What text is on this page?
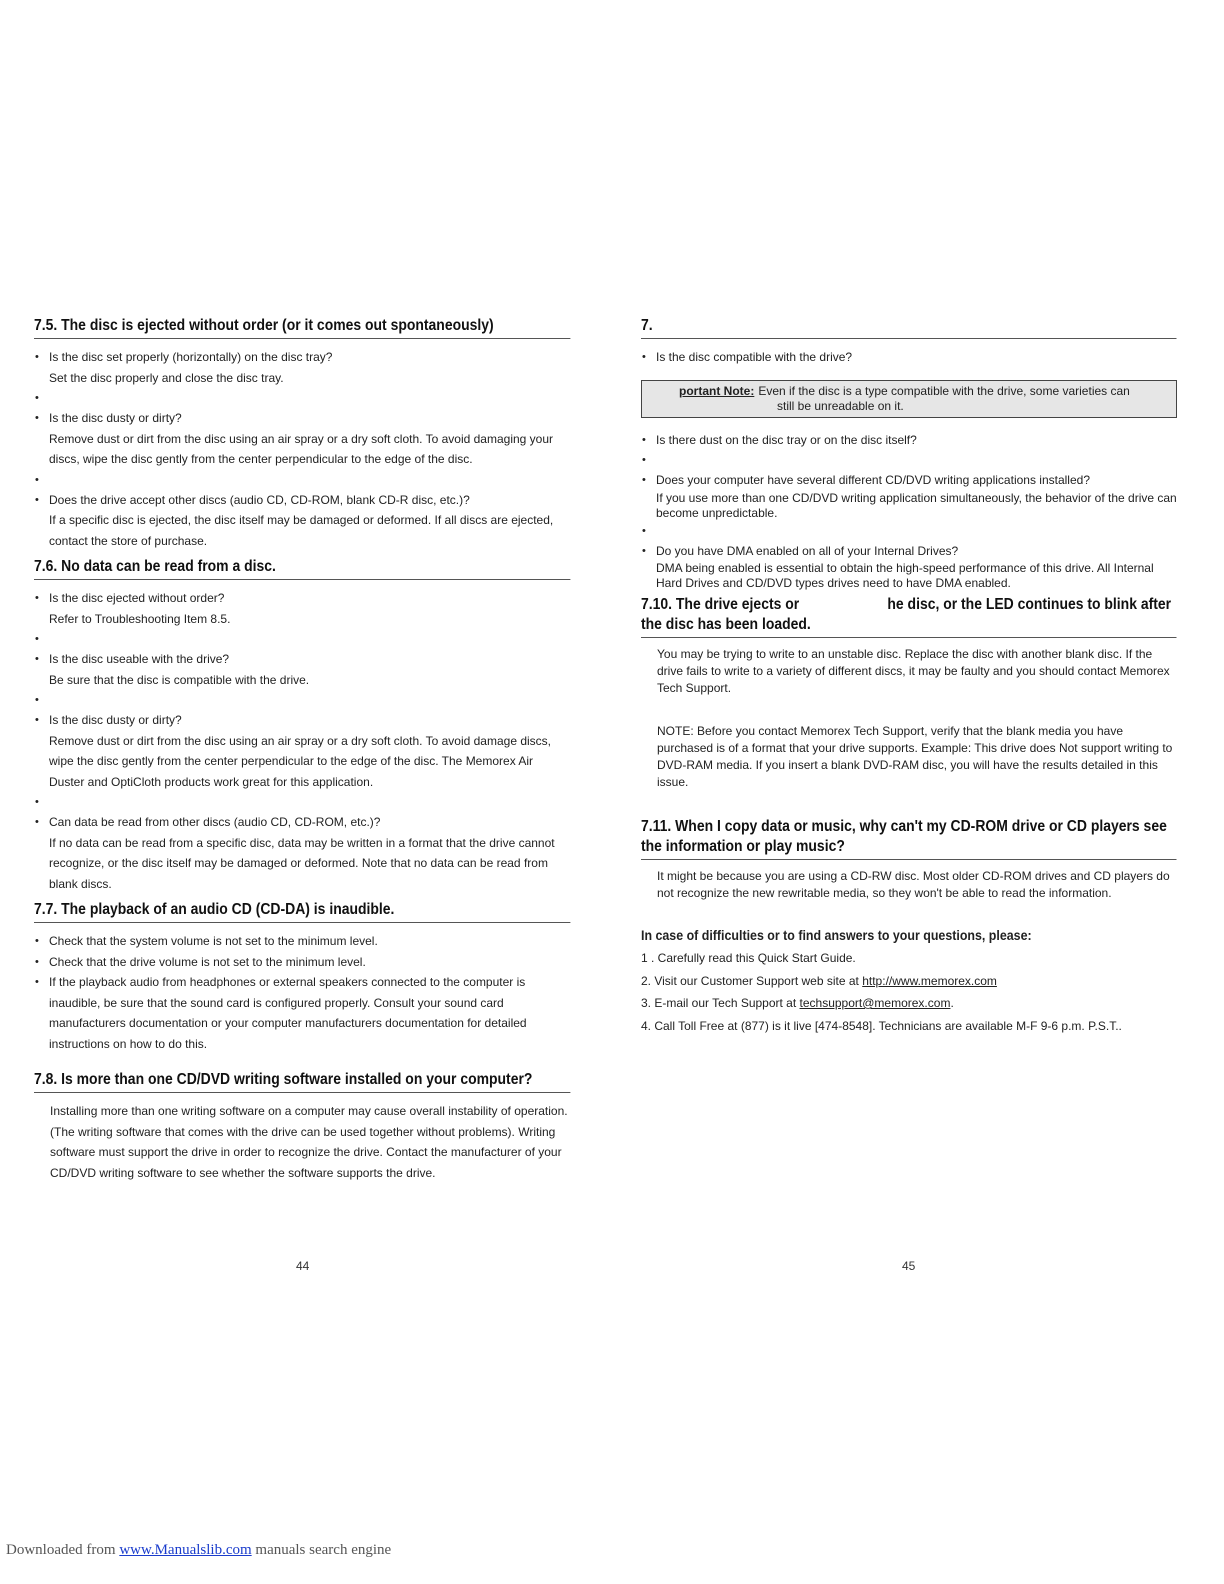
7.5. The disc is ejected without order (or it comes out spontaneously)
• Is the disc set properly (horizontally) on the disc tray?
Set the disc properly and close the disc tray.
•
• Is the disc dusty or dirty?
Remove dust or dirt from the disc using an air spray or a dry soft cloth. To avoid damaging your discs, wipe the disc gently from the center perpendicular to the edge of the disc.
•
• Does the drive accept other discs (audio CD, CD-ROM, blank CD-R disc, etc.)?
If a specific disc is ejected, the disc itself may be damaged or deformed. If all discs are ejected, contact the store of purchase.
7.6. No data can be read from a disc.
• Is the disc ejected without order?
Refer to Troubleshooting Item 8.5.
•
• Is the disc useable with the drive?
Be sure that the disc is compatible with the drive.
•
• Is the disc dusty or dirty?
Remove dust or dirt from the disc using an air spray or a dry soft cloth. To avoid damage discs, wipe the disc gently from the center perpendicular to the edge of the disc. The Memorex Air Duster and OptiCloth products work great for this application.
•
• Can data be read from other discs (audio CD, CD-ROM, etc.)?
If no data can be read from a specific disc, data may be written in a format that the drive cannot recognize, or the disc itself may be damaged or deformed. Note that no data can be read from blank discs.
7.7. The playback of an audio CD (CD-DA) is inaudible.
• Check that the system volume is not set to the minimum level.
• Check that the drive volume is not set to the minimum level.
• If the playback audio from headphones or external speakers connected to the computer is inaudible, be sure that the sound card is configured properly. Consult your sound card manufacturers documentation or your computer manufacturers documentation for detailed instructions on how to do this.
7.8. Is more than one CD/DVD writing software installed on your computer?

Installing more than one writing software on a computer may cause overall instability of operation. (The writing software that comes with the drive can be used together without problems). Writing software must support the drive in order to recognize the drive. Contact the manufacturer of your CD/DVD writing software to see whether the software supports the drive.

44
7.
• Is the disc compatible with the drive?
portant Note: Even if the disc is a type compatible with the drive, some varieties can
still be unreadable on it.
• Is there dust on the disc tray or on the disc itself?
•
• Does your computer have several different CD/DVD writing applications installed?
If you use more than one CD/DVD writing application simultaneously, the behavior of the drive can become unpredictable.
•
• Do you have DMA enabled on all of your Internal Drives?
DMA being enabled is essential to obtain the high-speed performance of this drive. All Internal Hard Drives and CD/DVD types drives need to have DMA enabled.
7.10. The drive ejects or	he disc, or the LED continues to blink after the disc has been loaded.

You may be trying to write to an unstable disc. Replace the disc with another blank disc. If the drive fails to write to a variety of different discs, it may be faulty and you should contact Memorex Tech Support.

NOTE: Before you contact Memorex Tech Support, verify that the blank media you have purchased is of a format that your drive supports. Example: This drive does Not support writing to DVD-RAM media. If you insert a blank DVD-RAM disc, you will have the results detailed in this issue.

7.11. When I copy data or music, why can't my CD-ROM drive or CD players see the information or play music?

It might be because you are using a CD-RW disc. Most older CD-ROM drives and CD players do not recognize the new rewritable media, so they won't be able to read the information.

In case of difficulties or to find answers to your questions, please:
1 . Carefully read this Quick Start Guide.
2. Visit our Customer Support web site at http://www.memorex.com
3. E-mail our Tech Support at techsupport@memorex.com.
4. Call Toll Free at (877) is it live [474-8548]. Technicians are available M-F 9-6 p.m. P.S.T..
45
Downloaded from www.Manualslib.com manuals search engine
